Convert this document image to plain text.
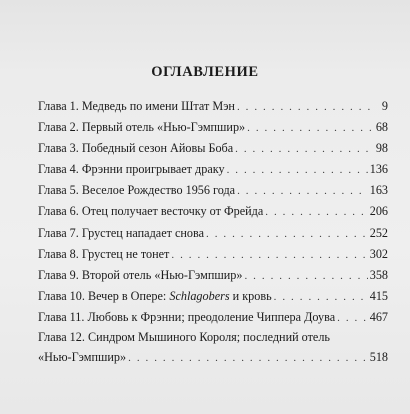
ОГЛАВЛЕНИЕ
Глава 1. Медведь по имени Штат Мэн . . .	9
Глава 2. Первый отель «Нью-Гэмпшир» . . .	68
Глава 3. Победный сезон Айовы Боба . . .	98
Глава 4. Фрэнни проигрывает драку . . .	136
Глава 5. Веселое Рождество 1956 года . . .	163
Глава 6. Отец получает весточку от Фрейда . . .	206
Глава 7. Грустец нападает снова . . .	252
Глава 8. Грустец не тонет . . .	302
Глава 9. Второй отель «Нью-Гэмпшир» . . .	358
Глава 10. Вечер в Опере: Schlagobers и кровь . . .	415
Глава 11. Любовь к Фрэнни; преодоление Чиппера Доува . . .	467
Глава 12. Синдром Мышиного Короля; последний отель
«Нью-Гэмпшир» . . .	518
